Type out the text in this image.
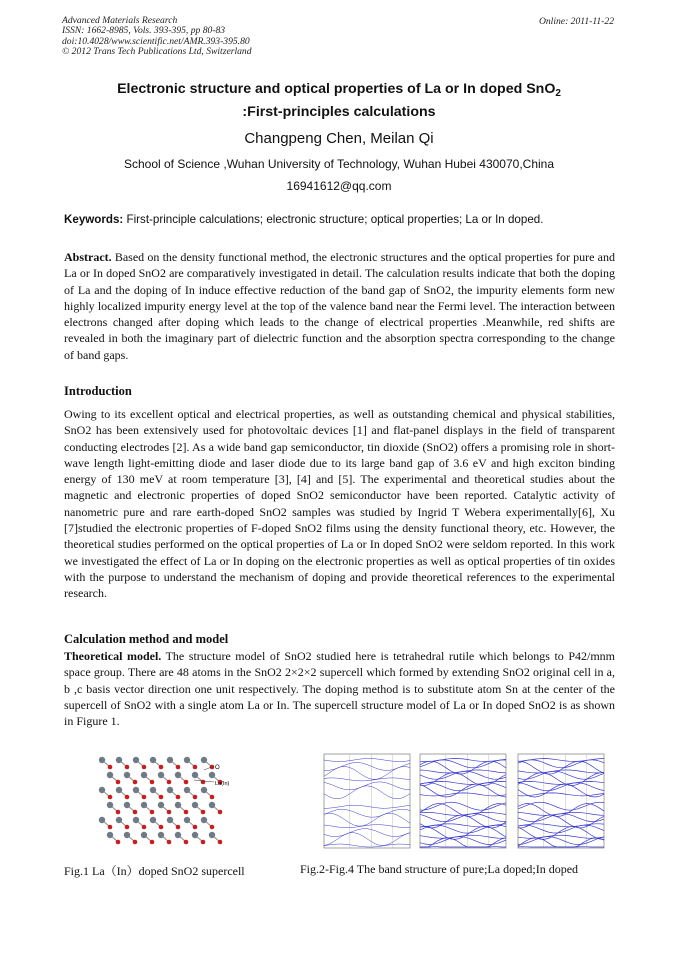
Advanced Materials Research
ISSN: 1662-8985, Vols. 393-395, pp 80-83
doi:10.4028/www.scientific.net/AMR.393-395.80
© 2012 Trans Tech Publications Ltd, Switzerland
Online: 2011-11-22
Electronic structure and optical properties of La or In doped SnO$_2$
:First-principles calculations
Changpeng Chen, Meilan Qi
School of Science ,Wuhan University of Technology, Wuhan Hubei 430070,China
16941612@qq.com
Keywords: First-principle calculations; electronic structure; optical properties; La or In doped.
Abstract. Based on the density functional method, the electronic structures and the optical properties for pure and La or In doped SnO2 are comparatively investigated in detail. The calculation results indicate that both the doping of La and the doping of In induce effective reduction of the band gap of SnO2, the impurity elements form new highly localized impurity energy level at the top of the valence band near the Fermi level. The interaction between electrons changed after doping which leads to the change of electrical properties .Meanwhile, red shifts are revealed in both the imaginary part of dielectric function and the absorption spectra corresponding to the change of band gaps.
Introduction
Owing to its excellent optical and electrical properties, as well as outstanding chemical and physical stabilities, SnO2 has been extensively used for photovoltaic devices [1] and flat-panel displays in the field of transparent conducting electrodes [2]. As a wide band gap semiconductor, tin dioxide (SnO2) offers a promising role in short-wave length light-emitting diode and laser diode due to its large band gap of 3.6 eV and high exciton binding energy of 130 meV at room temperature [3], [4] and [5]. The experimental and theoretical studies about the magnetic and electronic properties of doped SnO2 semiconductor have been reported. Catalytic activity of nanometric pure and rare earth-doped SnO2 samples was studied by Ingrid T Webera experimentally[6], Xu [7]studied the electronic properties of F-doped SnO2 films using the density functional theory, etc. However, the theoretical studies performed on the optical properties of La or In doped SnO2 were seldom reported. In this work we investigated the effect of La or In doping on the electronic properties as well as optical properties of tin oxides with the purpose to understand the mechanism of doping and provide theoretical references to the experimental research.
Calculation method and model
Theoretical model. The structure model of SnO2 studied here is tetrahedral rutile which belongs to P42/mnm space group. There are 48 atoms in the SnO2 2×2×2 supercell which formed by extending SnO2 original cell in a, b ,c basis vector direction one unit respectively. The doping method is to substitute atom Sn at the center of the supercell of SnO2 with a single atom La or In. The supercell structure model of La or In doped SnO2 is as shown in Figure 1.
O
La(In)
Fig.1 La（In）doped SnO2 supercell	Fig.2-Fig.4 The band structure of pure;La doped;In doped
